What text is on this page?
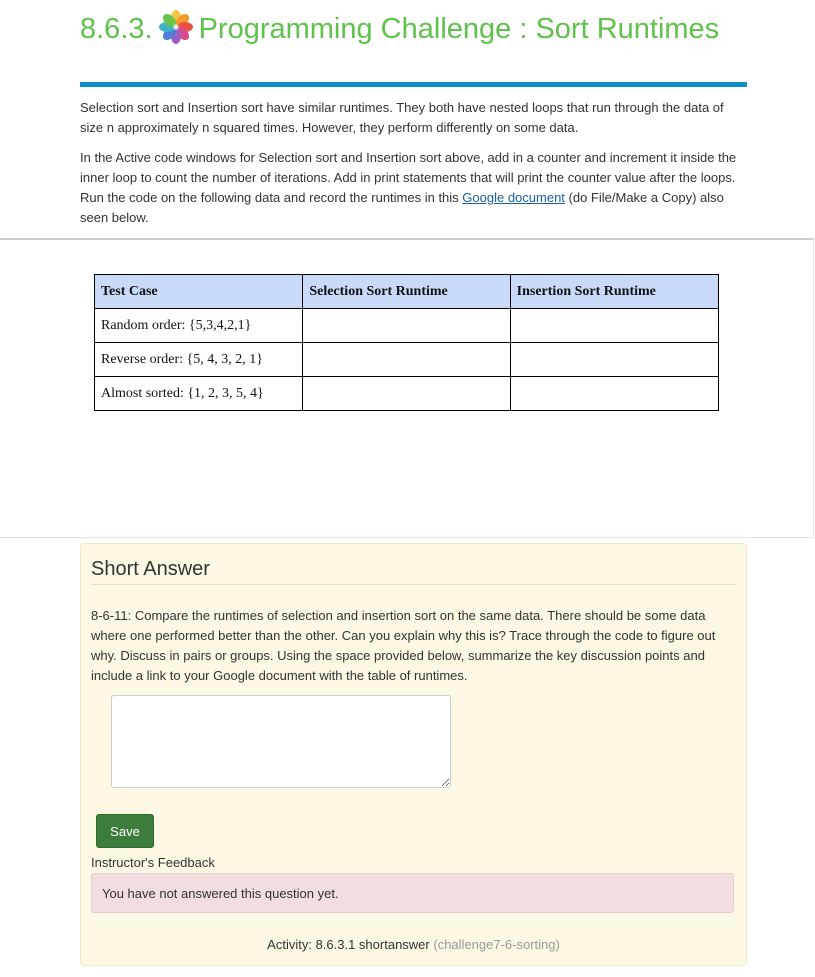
8.6.3. Programming Challenge : Sort Runtimes

Selection sort and Insertion sort have similar runtimes. They both have nested loops that run through the data of size n approximately n squared times. However, they perform differently on some data.

In the Active code windows for Selection sort and Insertion sort above, add in a counter and increment it inside the inner loop to count the number of iterations. Add in print statements that will print the counter value after the loops. Run the code on the following data and record the runtimes in this Google document (do File/Make a Copy) also seen below.

Test Case	Selection Sort Runtime	Insertion Sort Runtime
Random order: {5,3,4,2,1}		
Reverse order: {5, 4, 3, 2, 1}		
Almost sorted: {1, 2, 3, 5, 4}		
Short Answer

8-6-11: Compare the runtimes of selection and insertion sort on the same data. There should be some data where one performed better than the other. Can you explain why this is? Trace through the code to figure out why. Discuss in pairs or groups. Using the space provided below, summarize the key discussion points and include a link to your Google document with the table of runtimes.

Save
Instructor's Feedback
You have not answered this question yet.
Activity: 8.6.3.1 shortanswer (challenge7-6-sorting)
